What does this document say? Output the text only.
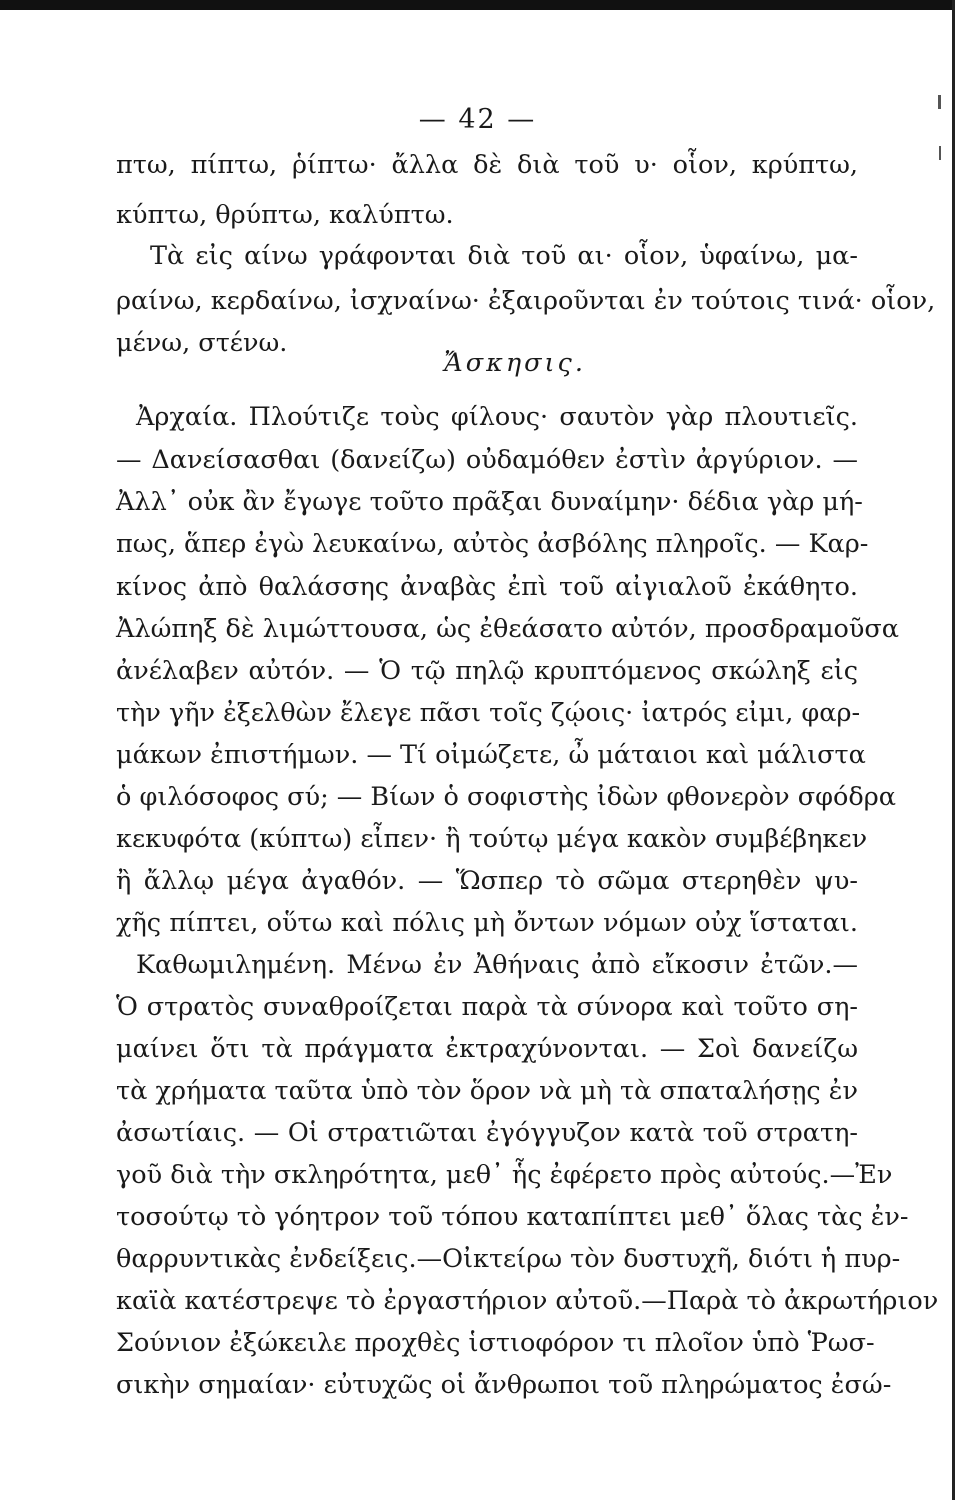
— 42 —
πτω, πίπτω, ῥίπτω· ἄλλα δὲ διὰ τοῦ υ· οἷον, κρύπτω,
κύπτω, θρύπτω, καλύπτω.
Τὰ εἰς αίνω γράφονται διὰ τοῦ αι· οἷον, ὑφαίνω, μα-
ραίνω, κερδαίνω, ἰσχναίνω· ἐξαιροῦνται ἐν τούτοις τινά· οἷον,
μένω, στένω.
Ἄσκησις.
Ἀρχαία. Πλούτιζε τοὺς φίλους· σαυτὸν γὰρ πλουτιεῖς.
— Δανείσασθαι (δανείζω) οὐδαμόθεν ἐστὶν ἀργύριον. —
Ἀλλ᾽ οὐκ ἂν ἔγωγε τοῦτο πρᾶξαι δυναίμην· δέδια γὰρ μή-
πως, ἅπερ ἐγὼ λευκαίνω, αὐτὸς ἀσβόλης πληροῖς. — Καρ-
κίνος ἀπὸ θαλάσσης ἀναβὰς ἐπὶ τοῦ αἰγιαλοῦ ἐκάθητο.
Ἀλώπηξ δὲ λιμώττουσα, ὡς ἐθεάσατο αὐτόν, προσδραμοῦσα
ἀνέλαβεν αὐτόν. — Ὁ τῷ πηλῷ κρυπτόμενος σκώληξ εἰς
τὴν γῆν ἐξελθὼν ἔλεγε πᾶσι τοῖς ζῴοις· ἰατρός εἰμι, φαρ-
μάκων ἐπιστήμων. — Τί οἰμώζετε, ὦ μάταιοι καὶ μάλιστα
ὁ φιλόσοφος σύ; — Βίων ὁ σοφιστὴς ἰδὼν φθονερὸν σφόδρα
κεκυφότα (κύπτω) εἶπεν· ἢ τούτῳ μέγα κακὸν συμβέβηκεν
ἢ ἄλλῳ μέγα ἀγαθόν. — Ὥσπερ τὸ σῶμα στερηθὲν ψυ-
χῆς πίπτει, οὕτω καὶ πόλις μὴ ὄντων νόμων οὐχ ἵσταται.
Καθωμιλημένη. Μένω ἐν Ἀθήναις ἀπὸ εἴκοσιν ἐτῶν.—
Ὁ στρατὸς συναθροίζεται παρὰ τὰ σύνορα καὶ τοῦτο ση-
μαίνει ὅτι τὰ πράγματα ἐκτραχύνονται. — Σοὶ δανείζω
τὰ χρήματα ταῦτα ὑπὸ τὸν ὅρον νὰ μὴ τὰ σπαταλήσῃς ἐν
ἀσωτίαις. — Οἱ στρατιῶται ἐγόγγυζον κατὰ τοῦ στρατη-
γοῦ διὰ τὴν σκληρότητα, μεθ᾽ ἧς ἐφέρετο πρὸς αὐτούς.—Ἐν
τοσούτῳ τὸ γόητρον τοῦ τόπου καταπίπτει μεθ᾽ ὅλας τὰς ἐν-
θαρρυντικὰς ἐνδείξεις.—Οἰκτείρω τὸν δυστυχῆ, διότι ἡ πυρ-
καϊὰ κατέστρεψε τὸ ἐργαστήριον αὐτοῦ.—Παρὰ τὸ ἀκρωτήριον
Σούνιον ἐξώκειλε προχθὲς ἱστιοφόρον τι πλοῖον ὑπὸ Ῥωσ-
σικὴν σημαίαν· εὐτυχῶς οἱ ἄνθρωποι τοῦ πληρώματος ἐσώ-
